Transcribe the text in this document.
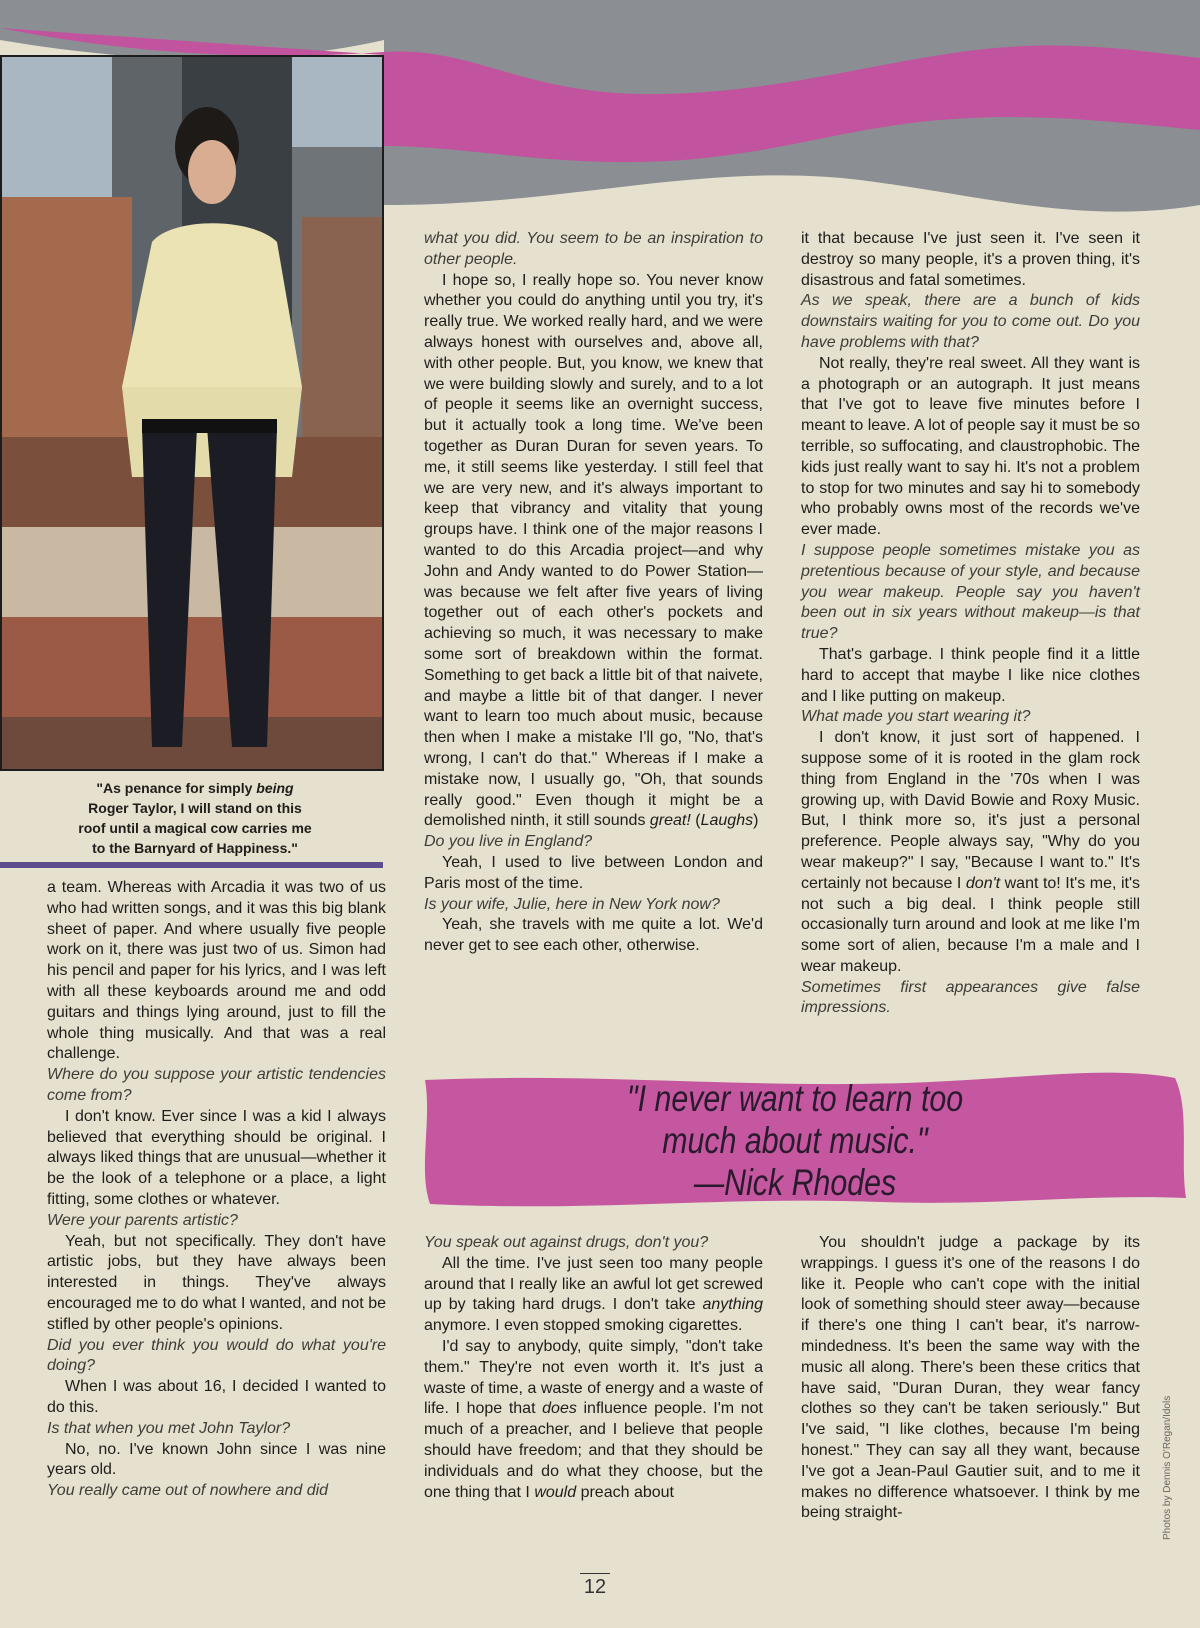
"As penance for simply being
Roger Taylor, I will stand on this
roof until a magical cow carries me
to the Barnyard of Happiness."

a team. Whereas with Arcadia it was two of us who had written songs, and it was this big blank sheet of paper. And where usually five people work on it, there was just two of us. Simon had his pencil and paper for his lyrics, and I was left with all these keyboards around me and odd guitars and things lying around, just to fill the whole thing musically. And that was a real challenge.

Where do you suppose your artistic tendencies come from?

I don't know. Ever since I was a kid I always believed that everything should be original. I always liked things that are unusual—whether it be the look of a telephone or a place, a light fitting, some clothes or whatever.

Were your parents artistic?

Yeah, but not specifically. They don't have artistic jobs, but they have always been interested in things. They've always encouraged me to do what I wanted, and not be stifled by other people's opinions.

Did you ever think you would do what you're doing?

When I was about 16, I decided I wanted to do this.

Is that when you met John Taylor?

No, no. I've known John since I was nine years old.

You really came out of nowhere and did

what you did. You seem to be an inspiration to other people.

I hope so, I really hope so. You never know whether you could do anything until you try, it's really true. We worked really hard, and we were always honest with ourselves and, above all, with other people. But, you know, we knew that we were building slowly and surely, and to a lot of people it seems like an overnight success, but it actually took a long time. We've been together as Duran Duran for seven years. To me, it still seems like yesterday. I still feel that we are very new, and it's always important to keep that vibrancy and vitality that young groups have. I think one of the major reasons I wanted to do this Arcadia project—and why John and Andy wanted to do Power Station—was because we felt after five years of living together out of each other's pockets and achieving so much, it was necessary to make some sort of breakdown within the format. Something to get back a little bit of that naivete, and maybe a little bit of that danger. I never want to learn too much about music, because then when I make a mistake I'll go, "No, that's wrong, I can't do that." Whereas if I make a mistake now, I usually go, "Oh, that sounds really good." Even though it might be a demolished ninth, it still sounds great! (Laughs)

Do you live in England?

Yeah, I used to live between London and Paris most of the time.

Is your wife, Julie, here in New York now?

Yeah, she travels with me quite a lot. We'd never get to see each other, otherwise.

it that because I've just seen it. I've seen it destroy so many people, it's a proven thing, it's disastrous and fatal sometimes.

As we speak, there are a bunch of kids downstairs waiting for you to come out. Do you have problems with that?

Not really, they're real sweet. All they want is a photograph or an autograph. It just means that I've got to leave five minutes before I meant to leave. A lot of people say it must be so terrible, so suffocating, and claustrophobic. The kids just really want to say hi. It's not a problem to stop for two minutes and say hi to somebody who probably owns most of the records we've ever made.

I suppose people sometimes mistake you as pretentious because of your style, and because you wear makeup. People say you haven't been out in six years without makeup—is that true?

That's garbage. I think people find it a little hard to accept that maybe I like nice clothes and I like putting on makeup.

What made you start wearing it?

I don't know, it just sort of happened. I suppose some of it is rooted in the glam rock thing from England in the '70s when I was growing up, with David Bowie and Roxy Music. But, I think more so, it's just a personal preference. People always say, "Why do you wear makeup?" I say, "Because I want to." It's certainly not because I don't want to! It's me, it's not such a big deal. I think people still occasionally turn around and look at me like I'm some sort of alien, because I'm a male and I wear makeup.

Sometimes first appearances give false impressions.

"I never want to learn too
much about music."
—Nick Rhodes

You speak out against drugs, don't you?

All the time. I've just seen too many people around that I really like an awful lot get screwed up by taking hard drugs. I don't take anything anymore. I even stopped smoking cigarettes.

I'd say to anybody, quite simply, "don't take them." They're not even worth it. It's just a waste of time, a waste of energy and a waste of life. I hope that does influence people. I'm not much of a preacher, and I believe that people should have freedom; and that they should be individuals and do what they choose, but the one thing that I would preach about

You shouldn't judge a package by its wrappings. I guess it's one of the reasons I do like it. People who can't cope with the initial look of something should steer away—because if there's one thing I can't bear, it's narrow-mindedness. It's been the same way with the music all along. There's been these critics that have said, "Duran Duran, they wear fancy clothes so they can't be taken seriously." But I've said, "I like clothes, because I'm being honest." They can say all they want, because I've got a Jean-Paul Gautier suit, and to me it makes no difference whatsoever. I think by me being straight-

12
Photos by Dennis O'Regan/Idols
